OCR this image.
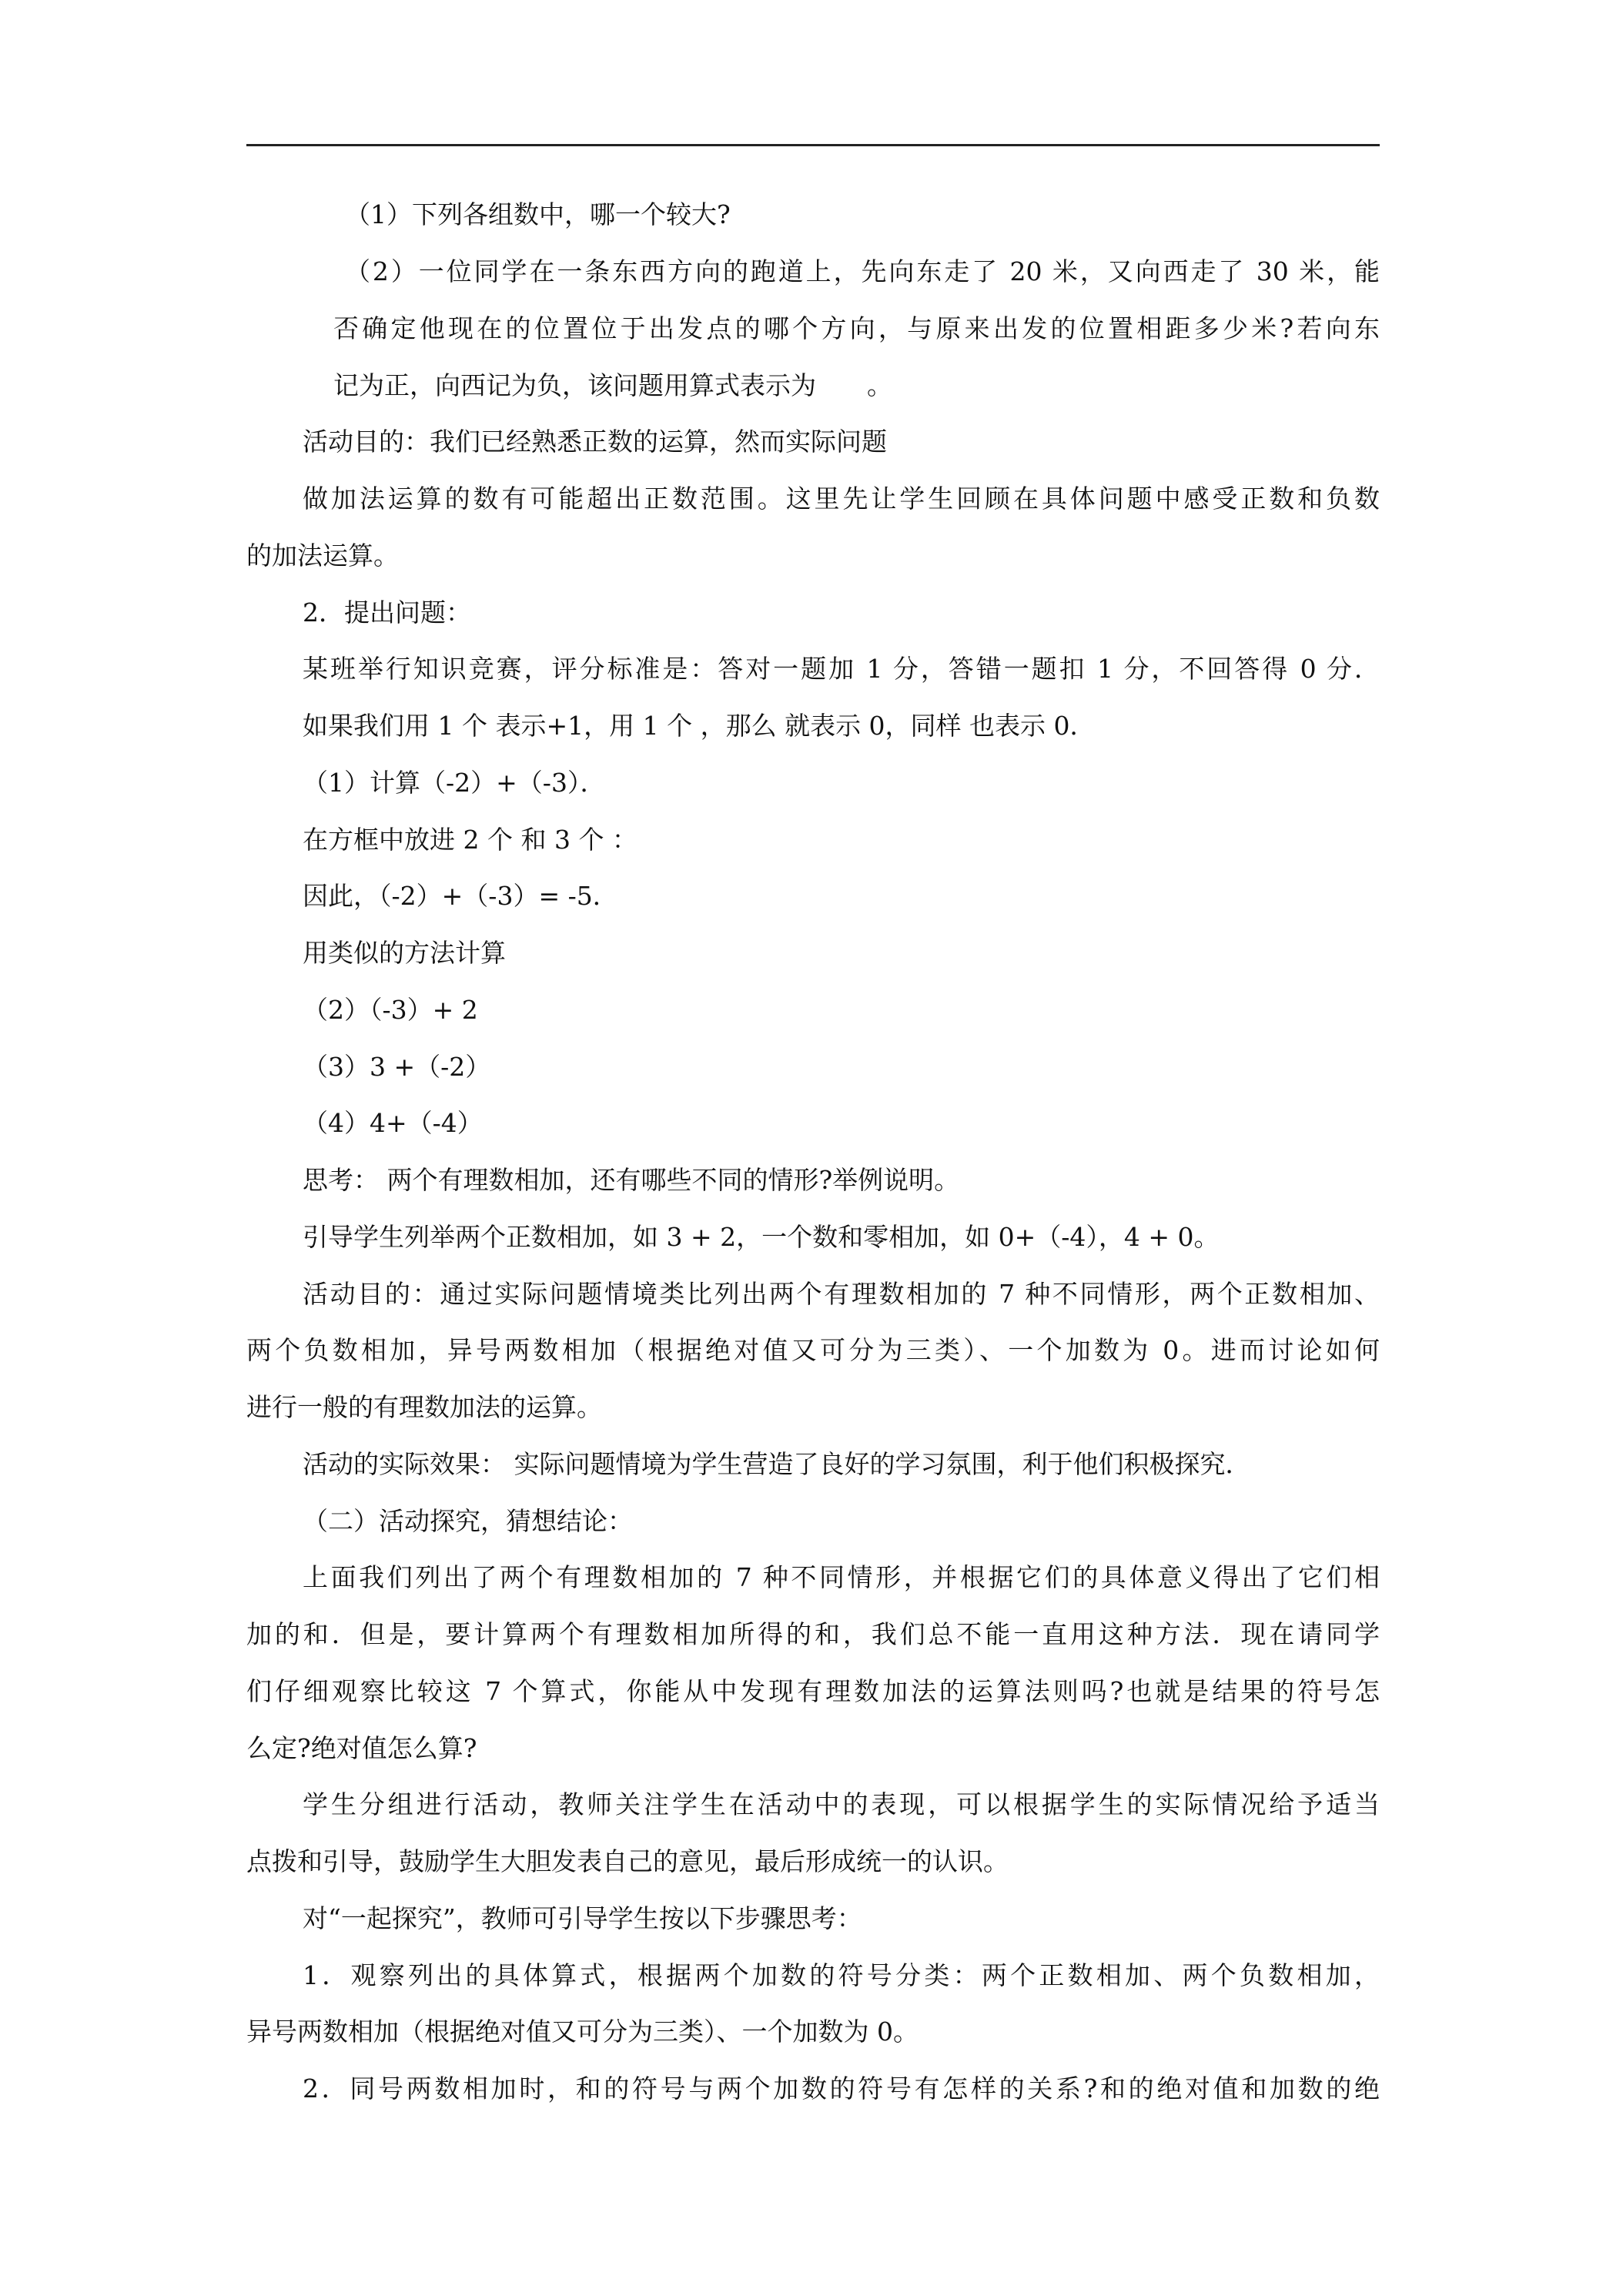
（1）下列各组数中，哪一个较大?
（2）一位同学在一条东西方向的跑道上，先向东走了 20 米，又向西走了 30 米，能
否确定他现在的位置位于出发点的哪个方向，与原来出发的位置相距多少米?若向东
记为正，向西记为负，该问题用算式表示为　　。
活动目的：我们已经熟悉正数的运算，然而实际问题
做加法运算的数有可能超出正数范围。这里先让学生回顾在具体问题中感受正数和负数
的加法运算。
2．提出问题：
某班举行知识竞赛，评分标准是：答对一题加 1 分，答错一题扣 1 分，不回答得 0 分．
如果我们用 1 个 表示+1，用 1 个 ，那么 就表示 0，同样 也表示 0．
（1）计算（-2）+（-3）．
在方框中放进 2 个 和 3 个 ：
因此，（-2）+（-3）= -5．
用类似的方法计算
（2）（-3）+ 2
（3）3 +（-2）
（4）4+（-4）
思考： 两个有理数相加，还有哪些不同的情形?举例说明。
引导学生列举两个正数相加，如 3 + 2，一个数和零相加，如 0+（-4），4 + 0。
活动目的：通过实际问题情境类比列出两个有理数相加的 7 种不同情形，两个正数相加、
两个负数相加，异号两数相加（根据绝对值又可分为三类）、一个加数为 0。进而讨论如何
进行一般的有理数加法的运算。
活动的实际效果： 实际问题情境为学生营造了良好的学习氛围，利于他们积极探究．
（二）活动探究，猜想结论：
上面我们列出了两个有理数相加的 7 种不同情形，并根据它们的具体意义得出了它们相
加的和．但是，要计算两个有理数相加所得的和，我们总不能一直用这种方法．现在请同学
们仔细观察比较这 7 个算式，你能从中发现有理数加法的运算法则吗?也就是结果的符号怎
么定?绝对值怎么算?
学生分组进行活动，教师关注学生在活动中的表现，可以根据学生的实际情况给予适当
点拨和引导，鼓励学生大胆发表自己的意见，最后形成统一的认识。
对“一起探究”，教师可引导学生按以下步骤思考：
1．观察列出的具体算式，根据两个加数的符号分类：两个正数相加、两个负数相加，
异号两数相加（根据绝对值又可分为三类）、一个加数为 0。
2．同号两数相加时，和的符号与两个加数的符号有怎样的关系?和的绝对值和加数的绝
